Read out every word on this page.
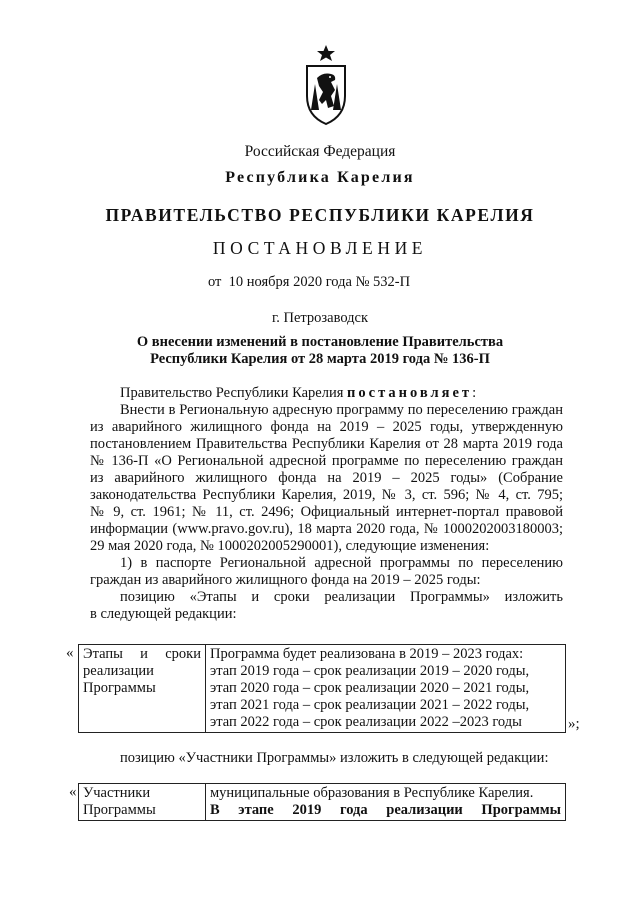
Российская Федерация
Республика Карелия
ПРАВИТЕЛЬСТВО РЕСПУБЛИКИ КАРЕЛИЯ
ПОСТАНОВЛЕНИЕ
от  10 ноября 2020 года № 532-П
г. Петрозаводск
О внесении изменений в постановление Правительства
Республики Карелия от 28 марта 2019 года № 136-П
Правительство Республики Карелия постановляет:
Внести в Региональную адресную программу по переселению граждан
из аварийного жилищного фонда на 2019 – 2025 годы, утвержденную
постановлением Правительства Республики Карелия от 28 марта 2019 года
№ 136-П «О Региональной адресной программе по переселению граждан
из аварийного жилищного фонда на 2019 – 2025 годы» (Собрание
законодательства Республики Карелия, 2019, № 3, ст. 596; № 4, ст. 795;
№ 9, ст. 1961; № 11, ст. 2496; Официальный интернет-портал правовой
информации (www.pravo.gov.ru), 18 марта 2020 года, № 1000202003180003;
29 мая 2020 года, № 1000202005290001), следующие изменения:
1) в паспорте Региональной адресной программы по переселению
граждан из аварийного жилищного фонда на 2019 – 2025 годы:
позицию «Этапы и сроки реализации Программы» изложить
в следующей редакции:
« Этапы и сроки
реализации
Программы

Программа будет реализована в 2019 – 2023 годах:
этап 2019 года – срок реализации 2019 – 2020 годы,
этап 2020 года – срок реализации 2020 – 2021 годы,
этап 2021 года – срок реализации 2021 – 2022 годы,
этап 2022 года – срок реализации 2022 –2023 годы	»;
позицию «Участники Программы» изложить в следующей редакции:
« Участники
Программы

муниципальные образования в Республике Карелия.
В этапе 2019 года реализации Программы
